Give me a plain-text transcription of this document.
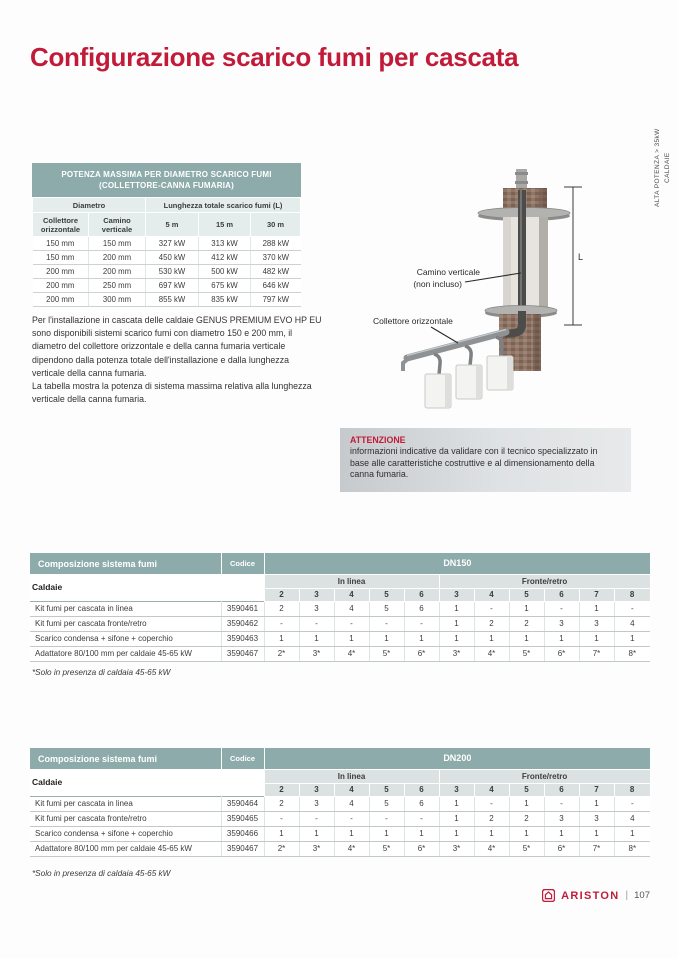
Configurazione scarico fumi per cascata
CALDAIE
ALTA POTENZA > 35kW
POTENZA MASSIMA PER DIAMETRO SCARICO FUMI
(COLLETTORE-CANNA FUMARIA)
Diametro		Lunghezza totale scarico fumi (L)		
Collettore orizzontale	Camino verticale	5 m	15 m	30 m
150 mm	150 mm	327 kW	313 kW	288 kW
150 mm	200 mm	450 kW	412 kW	370 kW
200 mm	200 mm	530 kW	500 kW	482 kW
200 mm	250 mm	697 kW	675 kW	646 kW
200 mm	300 mm	855 kW	835 kW	797 kW
Per l'installazione in cascata delle caldaie GENUS PREMIUM EVO HP EU sono disponibili sistemi scarico fumi con diametro 150 e 200 mm, il diametro del collettore orizzontale e della canna fumaria verticale dipendono dalla potenza totale dell'installazione e dalla lunghezza verticale della canna fumaria.
La tabella mostra la potenza di sistema massima relativa alla lunghezza verticale della canna fumaria.
L
Camino verticale
(non incluso)
Collettore orizzontale
ATTENZIONE
informazioni indicative da validare con il tecnico specializzato in base alle caratteristiche costruttive e al dimensionamento della canna fumaria.
Composizione sistema fumi	Codice	DN150										
Caldaie		In linea					Fronte/retro					
		2	3	4	5	6	3	4	5	6	7	8
Kit fumi per cascata in linea	3590461	2	3	4	5	6	1	-	1	-	1	-
Kit fumi per cascata fronte/retro	3590462	-	-	-	-	-	1	2	2	3	3	4
Scarico condensa + sifone + coperchio	3590463	1	1	1	1	1	1	1	1	1	1	1
Adattatore 80/100 mm per caldaie 45-65 kW	3590467	2*	3*	4*	5*	6*	3*	4*	5*	6*	7*	8*
*Solo in presenza di caldaia 45-65 kW
Composizione sistema fumi	Codice	DN200										
Caldaie		In linea					Fronte/retro					
		2	3	4	5	6	3	4	5	6	7	8
Kit fumi per cascata in linea	3590464	2	3	4	5	6	1	-	1	-	1	-
Kit fumi per cascata fronte/retro	3590465	-	-	-	-	-	1	2	2	3	3	4
Scarico condensa + sifone + coperchio	3590466	1	1	1	1	1	1	1	1	1	1	1
Adattatore 80/100 mm per caldaie 45-65 kW	3590467	2*	3*	4*	5*	6*	3*	4*	5*	6*	7*	8*
*Solo in presenza di caldaia 45-65 kW
ARISTON | 107
